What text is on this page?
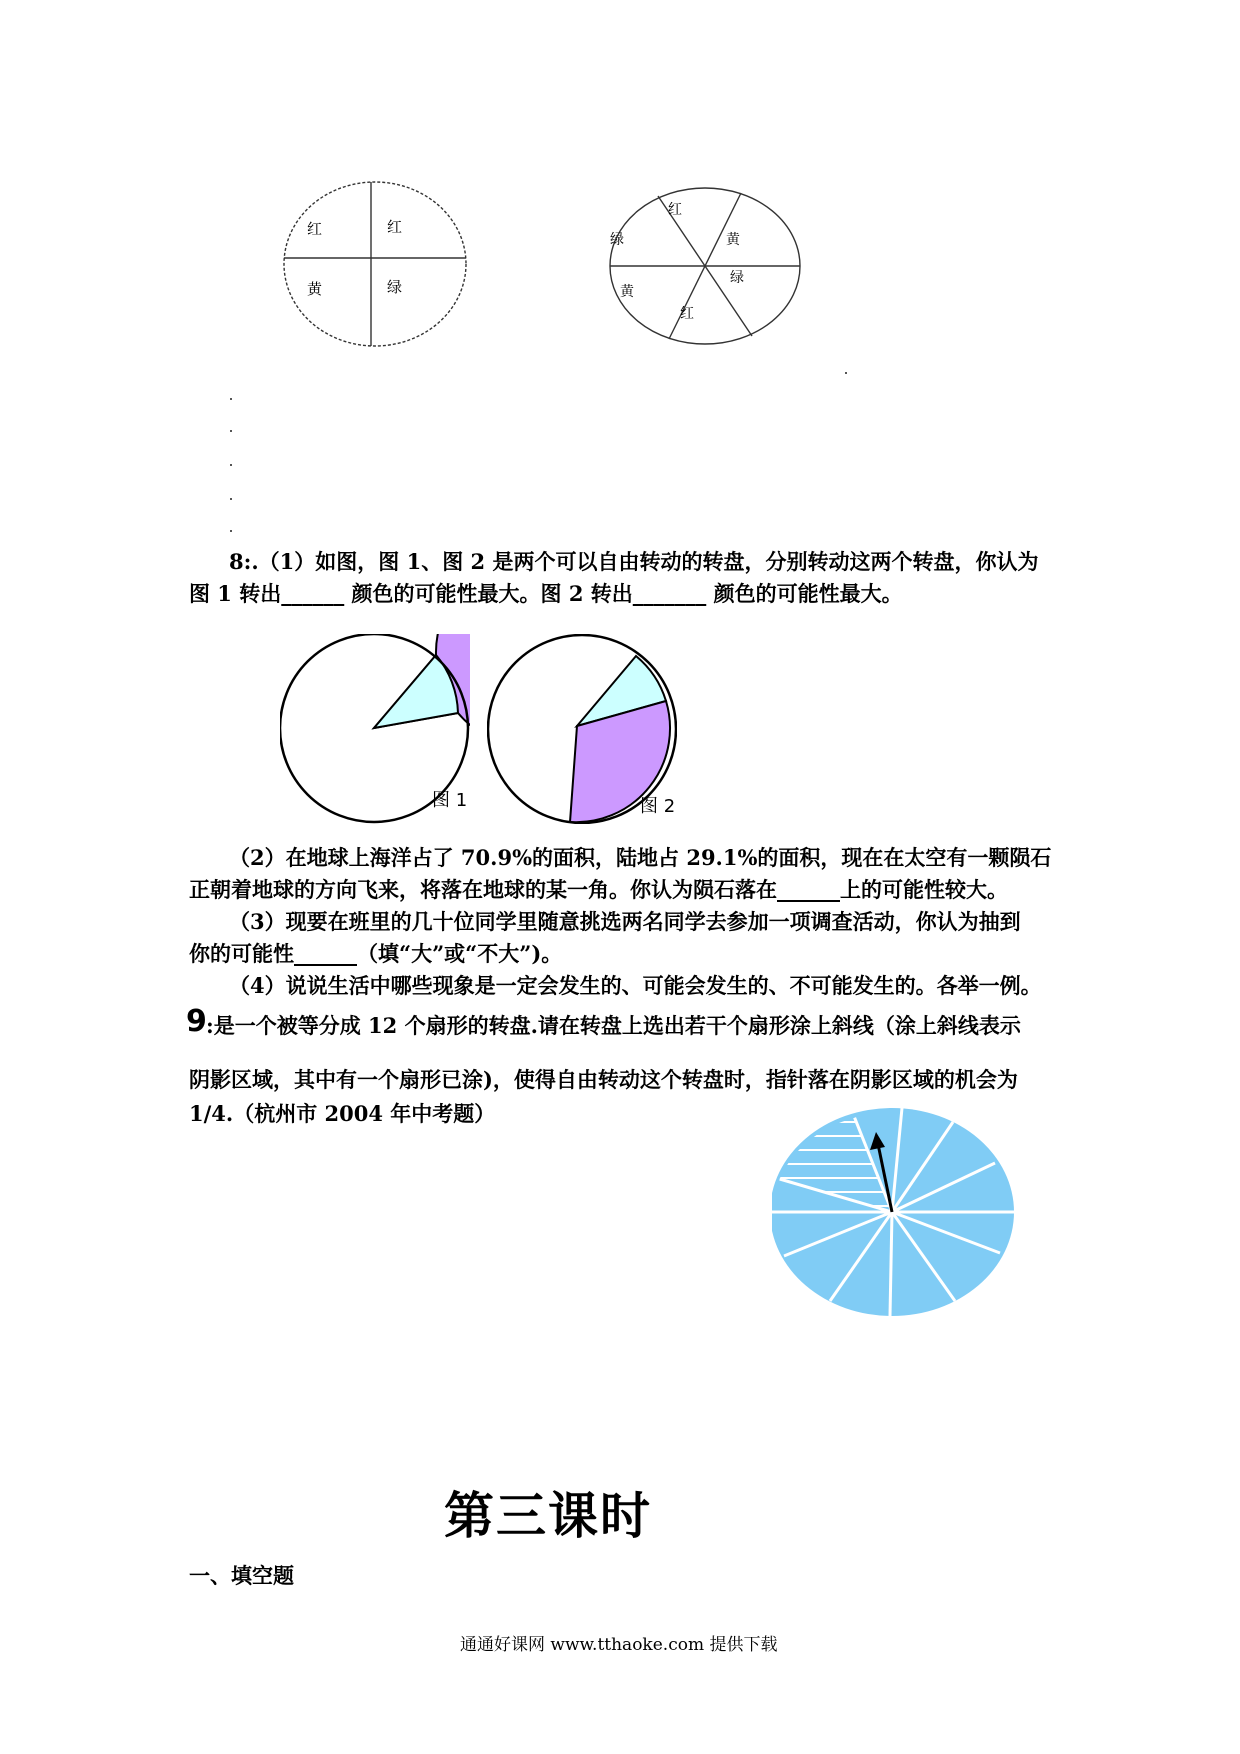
红	红
黄	绿
红
黄
绿
黄
绿
红
8:.（1）如图，图 1、图 2 是两个可以自由转动的转盘，分别转动这两个转盘，你认为
图 1 转出______ 颜色的可能性最大。图 2 转出_______ 颜色的可能性最大。
图 1	图 2
（2）在地球上海洋占了 70.9%的面积，陆地占 29.1%的面积，现在在太空有一颗陨石
正朝着地球的方向飞来，将落在地球的某一角。你认为陨石落在______上的可能性较大。
（3）现要在班里的几十位同学里随意挑选两名同学去参加一项调查活动，你认为抽到
你的可能性______（填“大”或“不大”)。
（4）说说生活中哪些现象是一定会发生的、可能会发生的、不可能发生的。各举一例。
9 :是一个被等分成 12 个扇形的转盘.请在转盘上选出若干个扇形涂上斜线（涂上斜线表示
阴影区域，其中有一个扇形已涂)，使得自由转动这个转盘时，指针落在阴影区域的机会为
1/4.（杭州市 2004 年中考题）
第三课时
一、填空题
通通好课网 www.tthaoke.com 提供下载
